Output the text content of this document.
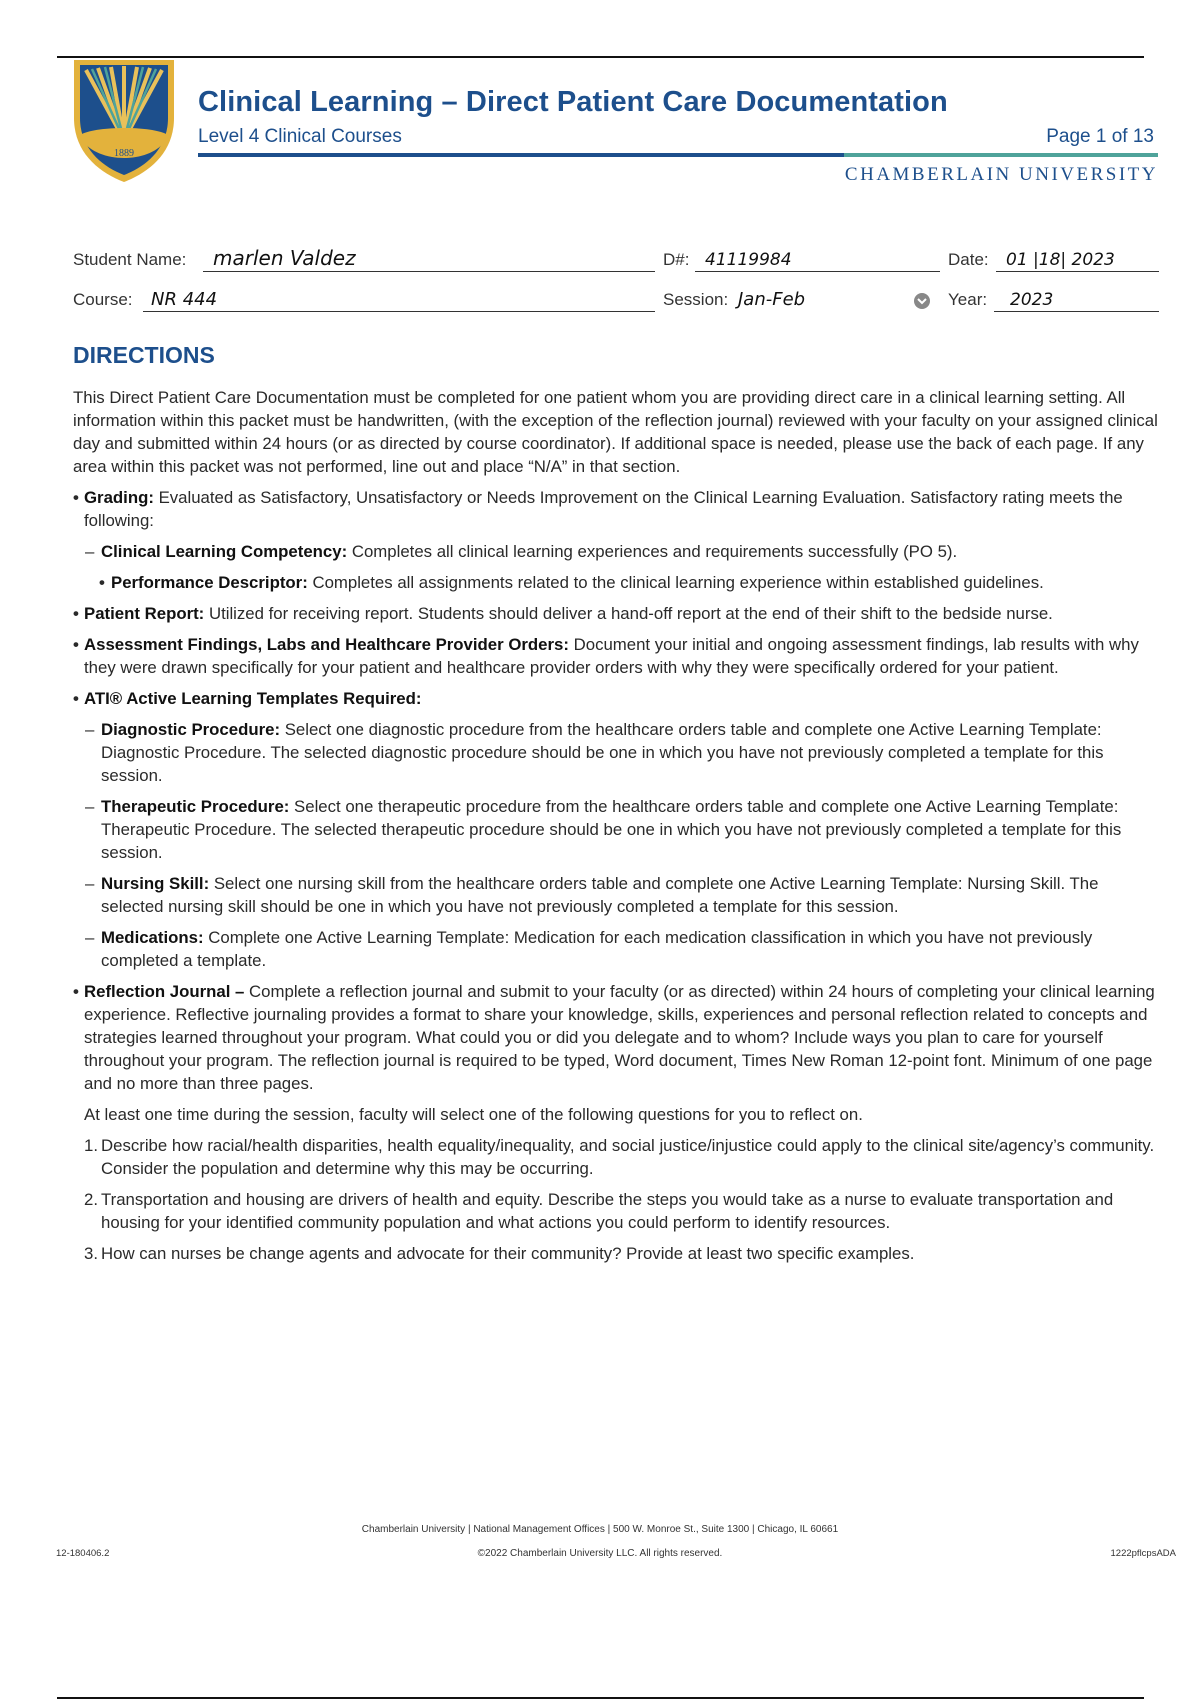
1889
Clinical Learning – Direct Patient Care Documentation
Level 4 Clinical Courses	Page 1 of 13
CHAMBERLAIN UNIVERSITY
Student Name: marlen Valdez	D#: 41119984	Date: 01 |18| 2023
Course: NR 444	Session: Jan-Feb	Year: 2023
DIRECTIONS

This Direct Patient Care Documentation must be completed for one patient whom you are providing direct care in a clinical learning setting. All information within this packet must be handwritten, (with the exception of the reflection journal) reviewed with your faculty on your assigned clinical day and submitted within 24 hours (or as directed by course coordinator). If additional space is needed, please use the back of each page. If any area within this packet was not performed, line out and place “N/A” in that section.

• Grading: Evaluated as Satisfactory, Unsatisfactory or Needs Improvement on the Clinical Learning Evaluation. Satisfactory rating meets the following:
– Clinical Learning Competency: Completes all clinical learning experiences and requirements successfully (PO 5).
• Performance Descriptor: Completes all assignments related to the clinical learning experience within established guidelines.
• Patient Report: Utilized for receiving report. Students should deliver a hand-off report at the end of their shift to the bedside nurse.
• Assessment Findings, Labs and Healthcare Provider Orders: Document your initial and ongoing assessment findings, lab results with why they were drawn specifically for your patient and healthcare provider orders with why they were specifically ordered for your patient.
• ATI® Active Learning Templates Required:
– Diagnostic Procedure: Select one diagnostic procedure from the healthcare orders table and complete one Active Learning Template: Diagnostic Procedure. The selected diagnostic procedure should be one in which you have not previously completed a template for this session.
– Therapeutic Procedure: Select one therapeutic procedure from the healthcare orders table and complete one Active Learning Template: Therapeutic Procedure. The selected therapeutic procedure should be one in which you have not previously completed a template for this session.
– Nursing Skill: Select one nursing skill from the healthcare orders table and complete one Active Learning Template: Nursing Skill. The selected nursing skill should be one in which you have not previously completed a template for this session.
– Medications: Complete one Active Learning Template: Medication for each medication classification in which you have not previously completed a template.
• Reflection Journal – Complete a reflection journal and submit to your faculty (or as directed) within 24 hours of completing your clinical learning experience. Reflective journaling provides a format to share your knowledge, skills, experiences and personal reflection related to concepts and strategies learned throughout your program. What could you or did you delegate and to whom? Include ways you plan to care for yourself throughout your program. The reflection journal is required to be typed, Word document, Times New Roman 12-point font. Minimum of one page and no more than three pages.
At least one time during the session, faculty will select one of the following questions for you to reflect on.
1. Describe how racial/health disparities, health equality/inequality, and social justice/injustice could apply to the clinical site/agency’s community. Consider the population and determine why this may be occurring.
2. Transportation and housing are drivers of health and equity. Describe the steps you would take as a nurse to evaluate transportation and housing for your identified community population and what actions you could perform to identify resources.
3. How can nurses be change agents and advocate for their community? Provide at least two specific examples.
Chamberlain University | National Management Offices | 500 W. Monroe St., Suite 1300 | Chicago, IL 60661
©2022 Chamberlain University LLC. All rights reserved.
12-180406.2	1222pflcpsADA
